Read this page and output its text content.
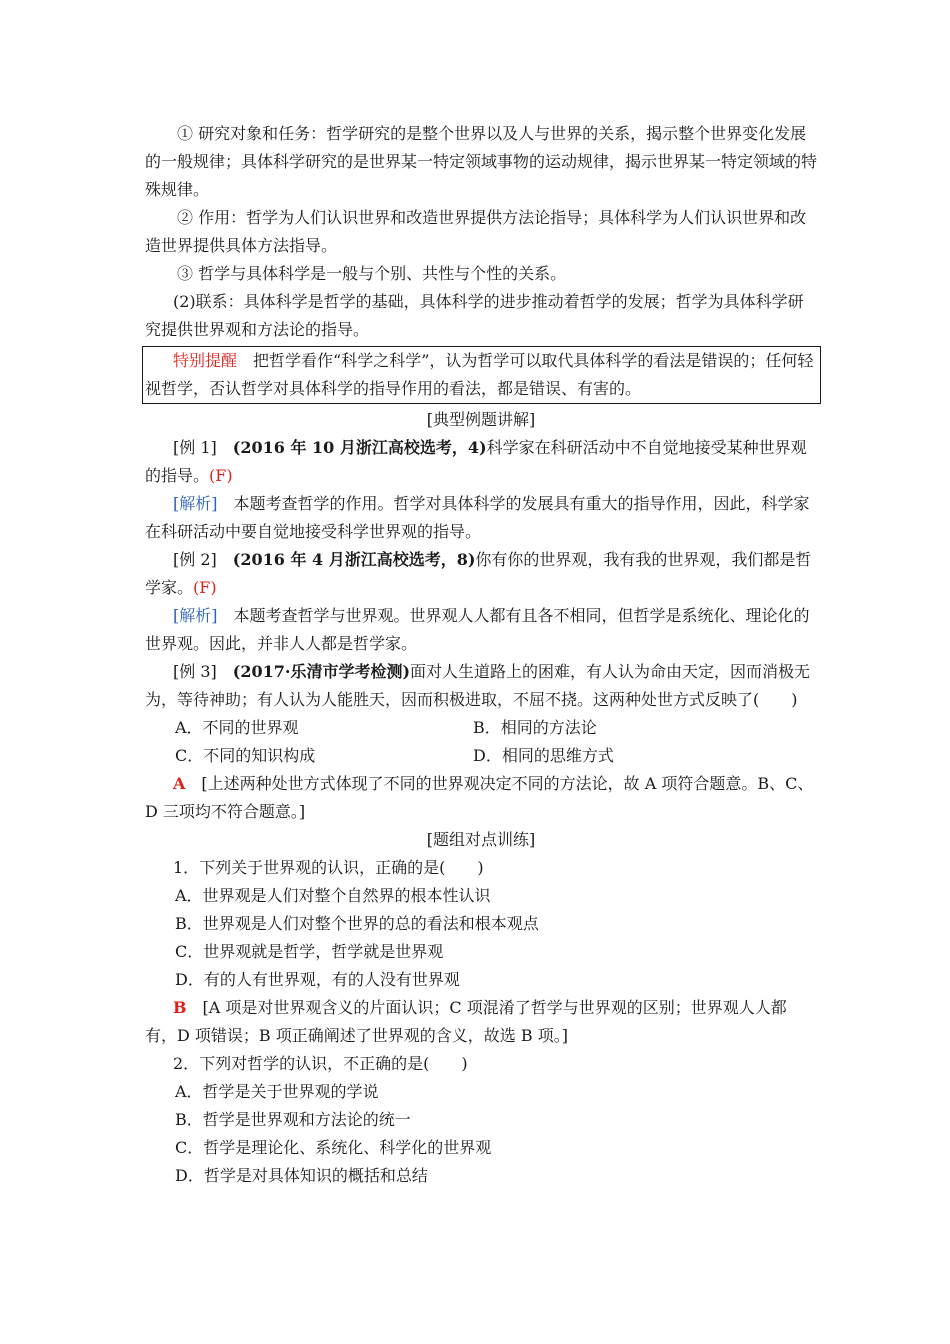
① 研究对象和任务：哲学研究的是整个世界以及人与世界的关系，揭示整个世界变化发展的一般规律；具体科学研究的是世界某一特定领域事物的运动规律，揭示世界某一特定领域的特殊规律。

② 作用：哲学为人们认识世界和改造世界提供方法论指导；具体科学为人们认识世界和改造世界提供具体方法指导。

③ 哲学与具体科学是一般与个别、共性与个性的关系。

(2)联系：具体科学是哲学的基础，具体科学的进步推动着哲学的发展；哲学为具体科学研究提供世界观和方法论的指导。

特别提醒　把哲学看作“科学之科学”，认为哲学可以取代具体科学的看法是错误的；任何轻视哲学，否认哲学对具体科学的指导作用的看法，都是错误、有害的。

[典型例题讲解]

[例 1]　(2016 年 10 月浙江高校选考，4)科学家在科研活动中不自觉地接受某种世界观的指导。(F)

[解析]　本题考查哲学的作用。哲学对具体科学的发展具有重大的指导作用，因此，科学家在科研活动中要自觉地接受科学世界观的指导。

[例 2]　(2016 年 4 月浙江高校选考，8)你有你的世界观，我有我的世界观，我们都是哲学家。(F)

[解析]　本题考查哲学与世界观。世界观人人都有且各不相同，但哲学是系统化、理论化的世界观。因此，并非人人都是哲学家。

[例 3]　(2017·乐清市学考检测)面对人生道路上的困难，有人认为命由天定，因而消极无为，等待神助；有人认为人能胜天，因而积极进取，不屈不挠。这两种处世方式反映了(　　)

A．不同的世界观	B．相同的方法论
C．不同的知识构成	D．相同的思维方式

A　[上述两种处世方式体现了不同的世界观决定不同的方法论，故 A 项符合题意。B、C、D 三项均不符合题意。]

[题组对点训练]

1．下列关于世界观的认识，正确的是(　　)

A．世界观是人们对整个自然界的根本性认识

B．世界观是人们对整个世界的总的看法和根本观点

C．世界观就是哲学，哲学就是世界观

D．有的人有世界观，有的人没有世界观

B　[A 项是对世界观含义的片面认识；C 项混淆了哲学与世界观的区别；世界观人人都有，D 项错误；B 项正确阐述了世界观的含义，故选 B 项。]

2．下列对哲学的认识，不正确的是(　　)

A．哲学是关于世界观的学说

B．哲学是世界观和方法论的统一

C．哲学是理论化、系统化、科学化的世界观

D．哲学是对具体知识的概括和总结
